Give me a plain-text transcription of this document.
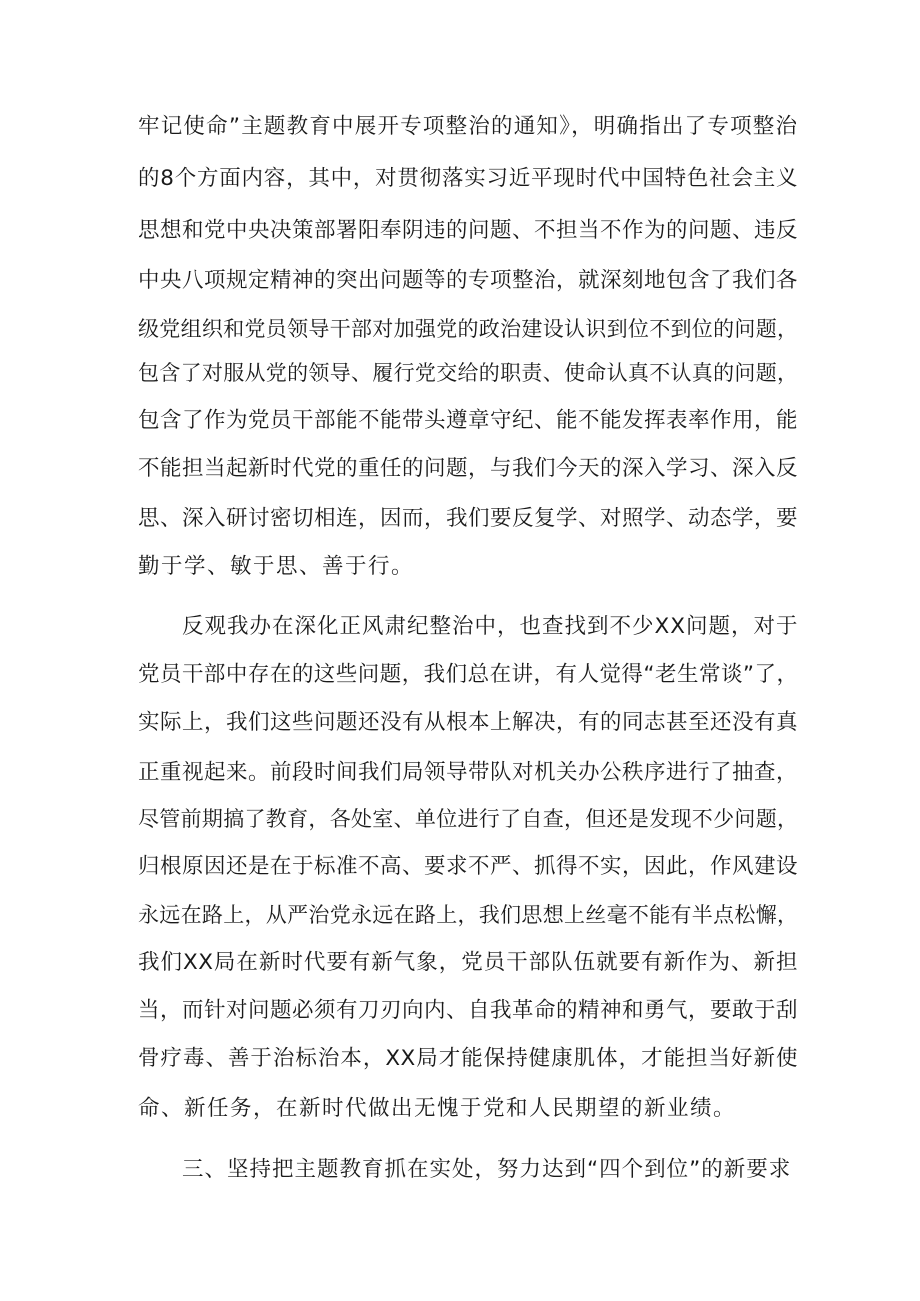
牢记使命”主题教育中展开专项整治的通知》，明确指出了专项整治
的8个方面内容，其中，对贯彻落实习近平现时代中国特色社会主义
思想和党中央决策部署阳奉阴违的问题、不担当不作为的问题、违反
中央八项规定精神的突出问题等的专项整治，就深刻地包含了我们各
级党组织和党员领导干部对加强党的政治建设认识到位不到位的问题，
包含了对服从党的领导、履行党交给的职责、使命认真不认真的问题，
包含了作为党员干部能不能带头遵章守纪、能不能发挥表率作用，能
不能担当起新时代党的重任的问题，与我们今天的深入学习、深入反
思、深入研讨密切相连，因而，我们要反复学、对照学、动态学，要
勤于学、敏于思、善于行。
反观我办在深化正风肃纪整治中，也查找到不少XX问题，对于
党员干部中存在的这些问题，我们总在讲，有人觉得“老生常谈”了，
实际上，我们这些问题还没有从根本上解决，有的同志甚至还没有真
正重视起来。前段时间我们局领导带队对机关办公秩序进行了抽查，
尽管前期搞了教育，各处室、单位进行了自查，但还是发现不少问题，
归根原因还是在于标准不高、要求不严、抓得不实，因此，作风建设
永远在路上，从严治党永远在路上，我们思想上丝毫不能有半点松懈，
我们XX局在新时代要有新气象，党员干部队伍就要有新作为、新担
当，而针对问题必须有刀刃向内、自我革命的精神和勇气，要敢于刮
骨疗毒、善于治标治本，XX局才能保持健康肌体，才能担当好新使
命、新任务，在新时代做出无愧于党和人民期望的新业绩。
三、坚持把主题教育抓在实处，努力达到“四个到位”的新要求
